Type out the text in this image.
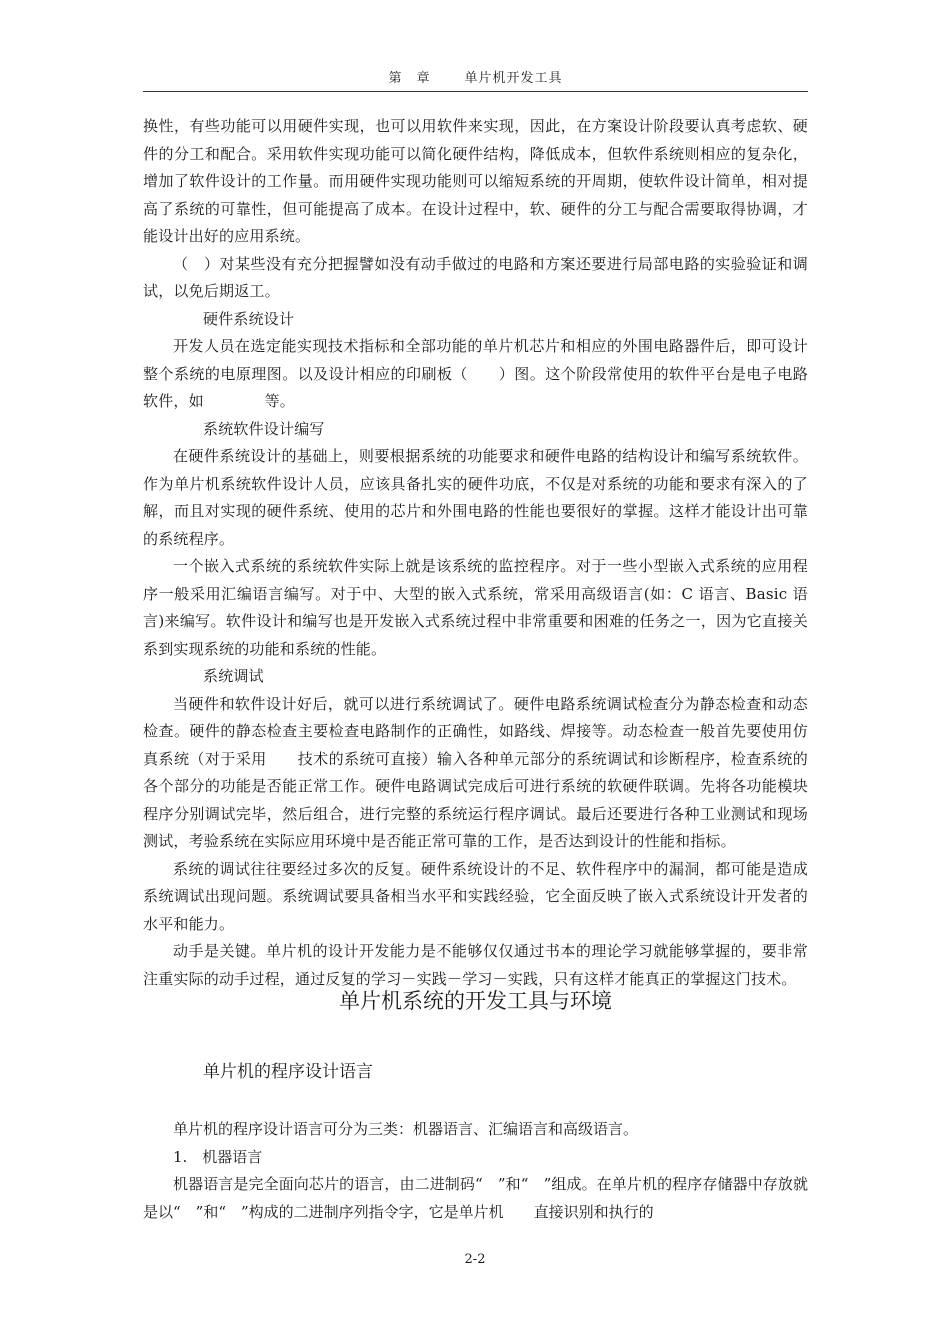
第　章	单片机开发工具

换性，有些功能可以用硬件实现，也可以用软件来实现，因此，在方案设计阶段要认真考虑软、硬件的分工和配合。采用软件实现功能可以简化硬件结构，降低成本，但软件系统则相应的复杂化，增加了软件设计的工作量。而用硬件实现功能则可以缩短系统的开周期，使软件设计简单，相对提高了系统的可靠性，但可能提高了成本。在设计过程中，软、硬件的分工与配合需要取得协调，才能设计出好的应用系统。

（　）对某些没有充分把握譬如没有动手做过的电路和方案还要进行局部电路的实验验证和调试，以免后期返工。

硬件系统设计

开发人员在选定能实现技术指标和全部功能的单片机芯片和相应的外围电路器件后，即可设计整个系统的电原理图。以及设计相应的印刷板（　　）图。这个阶段常使用的软件平台是电子电路　　软件，如　　　　等。

系统软件设计编写

在硬件系统设计的基础上，则要根据系统的功能要求和硬件电路的结构设计和编写系统软件。作为单片机系统软件设计人员，应该具备扎实的硬件功底，不仅是对系统的功能和要求有深入的了解，而且对实现的硬件系统、使用的芯片和外围电路的性能也要很好的掌握。这样才能设计出可靠的系统程序。

一个嵌入式系统的系统软件实际上就是该系统的监控程序。对于一些小型嵌入式系统的应用程序一般采用汇编语言编写。对于中、大型的嵌入式系统，常采用高级语言(如：C 语言、Basic 语言)来编写。软件设计和编写也是开发嵌入式系统过程中非常重要和困难的任务之一，因为它直接关系到实现系统的功能和系统的性能。

系统调试

当硬件和软件设计好后，就可以进行系统调试了。硬件电路系统调试检查分为静态检查和动态检查。硬件的静态检查主要检查电路制作的正确性，如路线、焊接等。动态检查一般首先要使用仿真系统（对于采用　　技术的系统可直接）输入各种单元部分的系统调试和诊断程序，检查系统的各个部分的功能是否能正常工作。硬件电路调试完成后可进行系统的软硬件联调。先将各功能模块程序分别调试完毕，然后组合，进行完整的系统运行程序调试。最后还要进行各种工业测试和现场测试，考验系统在实际应用环境中是否能正常可靠的工作，是否达到设计的性能和指标。

系统的调试往往要经过多次的反复。硬件系统设计的不足、软件程序中的漏洞，都可能是造成系统调试出现问题。系统调试要具备相当水平和实践经验，它全面反映了嵌入式系统设计开发者的水平和能力。

动手是关键。单片机的设计开发能力是不能够仅仅通过书本的理论学习就能够掌握的，要非常注重实际的动手过程，通过反复的学习－实践－学习－实践，只有这样才能真正的掌握这门技术。

单片机系统的开发工具与环境
单片机的程序设计语言

单片机的程序设计语言可分为三类：机器语言、汇编语言和高级语言。

1.　机器语言

机器语言是完全面向芯片的语言，由二进制码“　”和“　”组成。在单片机的程序存储器中存放就是以“　”和“　”构成的二进制序列指令字，它是单片机　　直接识别和执行的

2-2
